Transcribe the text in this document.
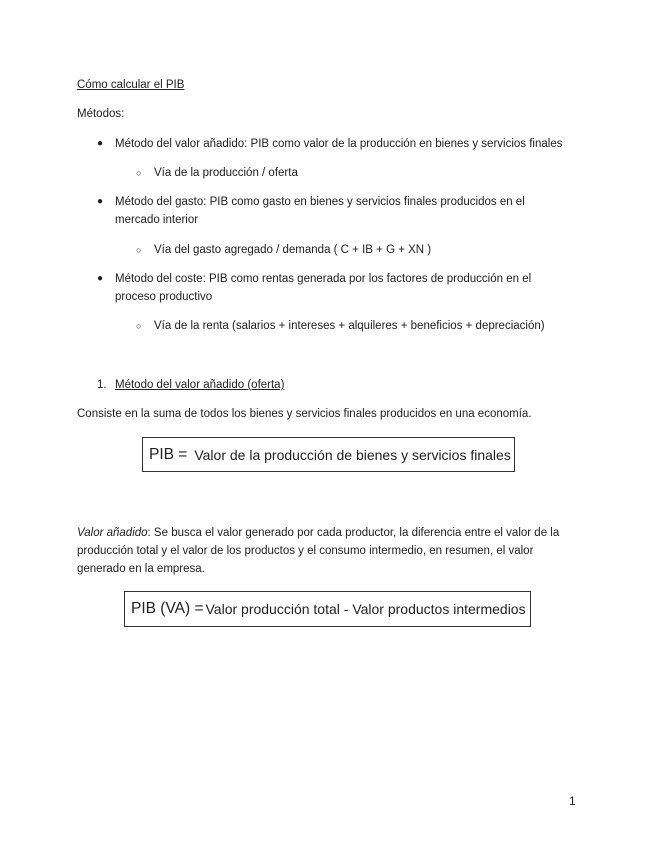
Cómo calcular el PIB
Métodos:
● Método del valor añadido: PIB como valor de la producción en bienes y servicios finales
○ Vía de la producción / oferta
● Método del gasto: PIB como gasto en bienes y servicios finales producidos en el
mercado interior
○ Vía del gasto agregado / demanda ( C + IB + G + XN )
● Método del coste: PIB como rentas generada por los factores de producción en el
proceso productivo
○ Vía de la renta (salarios + intereses + alquileres + beneficios + depreciación)
1. Método del valor añadido (oferta)
Consiste en la suma de todos los bienes y servicios finales producidos en una economía.
PIB = Valor de la producción de bienes y servicios finales
Valor añadido: Se busca el valor generado por cada productor, la diferencia entre el valor de la
producción total y el valor de los productos y el consumo intermedio, en resumen, el valor
generado en la empresa.
PIB (VA) = Valor producción total - Valor productos intermedios
1
